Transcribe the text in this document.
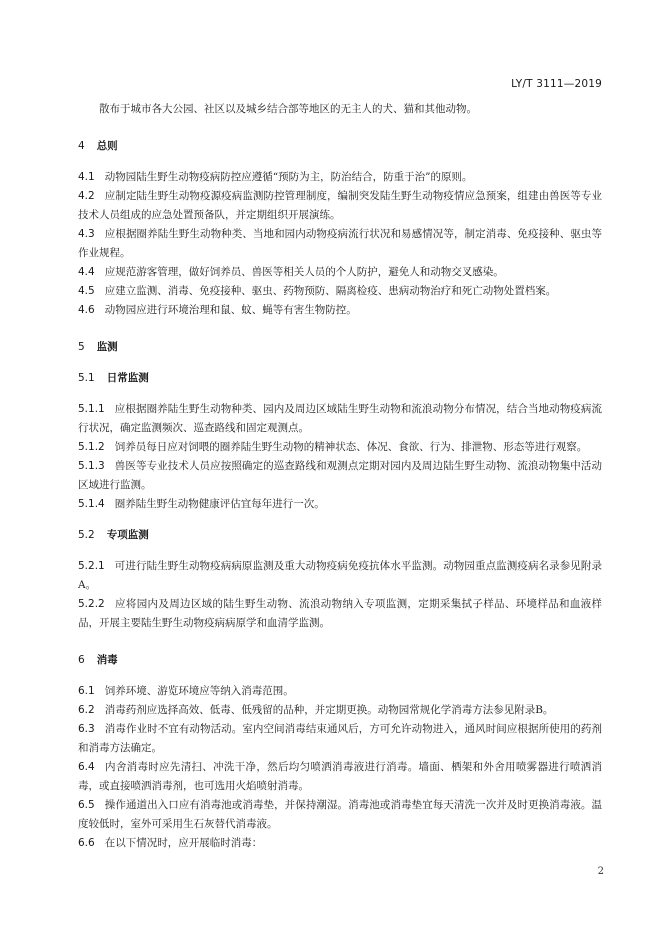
LY/T 3111—2019

散布于城市各大公园、社区以及城乡结合部等地区的无主人的犬、猫和其他动物。

4 总则

4.1 动物园陆生野生动物疫病防控应遵循“预防为主，防治结合，防重于治”的原则。

4.2 应制定陆生野生动物疫源疫病监测防控管理制度，编制突发陆生野生动物疫情应急预案，组建由兽医等专业技术人员组成的应急处置预备队，并定期组织开展演练。

4.3 应根据圈养陆生野生动物种类、当地和园内动物疫病流行状况和易感情况等，制定消毒、免疫接种、驱虫等作业规程。

4.4 应规范游客管理，做好饲养员、兽医等相关人员的个人防护，避免人和动物交叉感染。

4.5 应建立监测、消毒、免疫接种、驱虫、药物预防、隔离检疫、患病动物治疗和死亡动物处置档案。

4.6 动物园应进行环境治理和鼠、蚊、蝇等有害生物防控。

5 监测

5.1 日常监测

5.1.1 应根据圈养陆生野生动物种类、园内及周边区域陆生野生动物和流浪动物分布情况，结合当地动物疫病流行状况，确定监测频次、巡查路线和固定观测点。

5.1.2 饲养员每日应对饲喂的圈养陆生野生动物的精神状态、体况、食欲、行为、排泄物、形态等进行观察。

5.1.3 兽医等专业技术人员应按照确定的巡查路线和观测点定期对园内及周边陆生野生动物、流浪动物集中活动区域进行监测。

5.1.4 圈养陆生野生动物健康评估宜每年进行一次。

5.2 专项监测

5.2.1 可进行陆生野生动物疫病病原监测及重大动物疫病免疫抗体水平监测。动物园重点监测疫病名录参见附录A。

5.2.2 应将园内及周边区域的陆生野生动物、流浪动物纳入专项监测，定期采集拭子样品、环境样品和血液样品，开展主要陆生野生动物疫病病原学和血清学监测。

6 消毒

6.1 饲养环境、游览环境应等纳入消毒范围。

6.2 消毒药剂应选择高效、低毒、低残留的品种，并定期更换。动物园常规化学消毒方法参见附录B。

6.3 消毒作业时不宜有动物活动。室内空间消毒结束通风后，方可允许动物进入，通风时间应根据所使用的药剂和消毒方法确定。

6.4 内舍消毒时应先清扫、冲洗干净，然后均匀喷洒消毒液进行消毒。墙面、栖架和外舍用喷雾器进行喷洒消毒，或直接喷洒消毒剂，也可选用火焰喷射消毒。

6.5 操作通道出入口应有消毒池或消毒垫，并保持潮湿。消毒池或消毒垫宜每天清洗一次并及时更换消毒液。温度较低时，室外可采用生石灰替代消毒液。

6.6 在以下情况时，应开展临时消毒：

2
